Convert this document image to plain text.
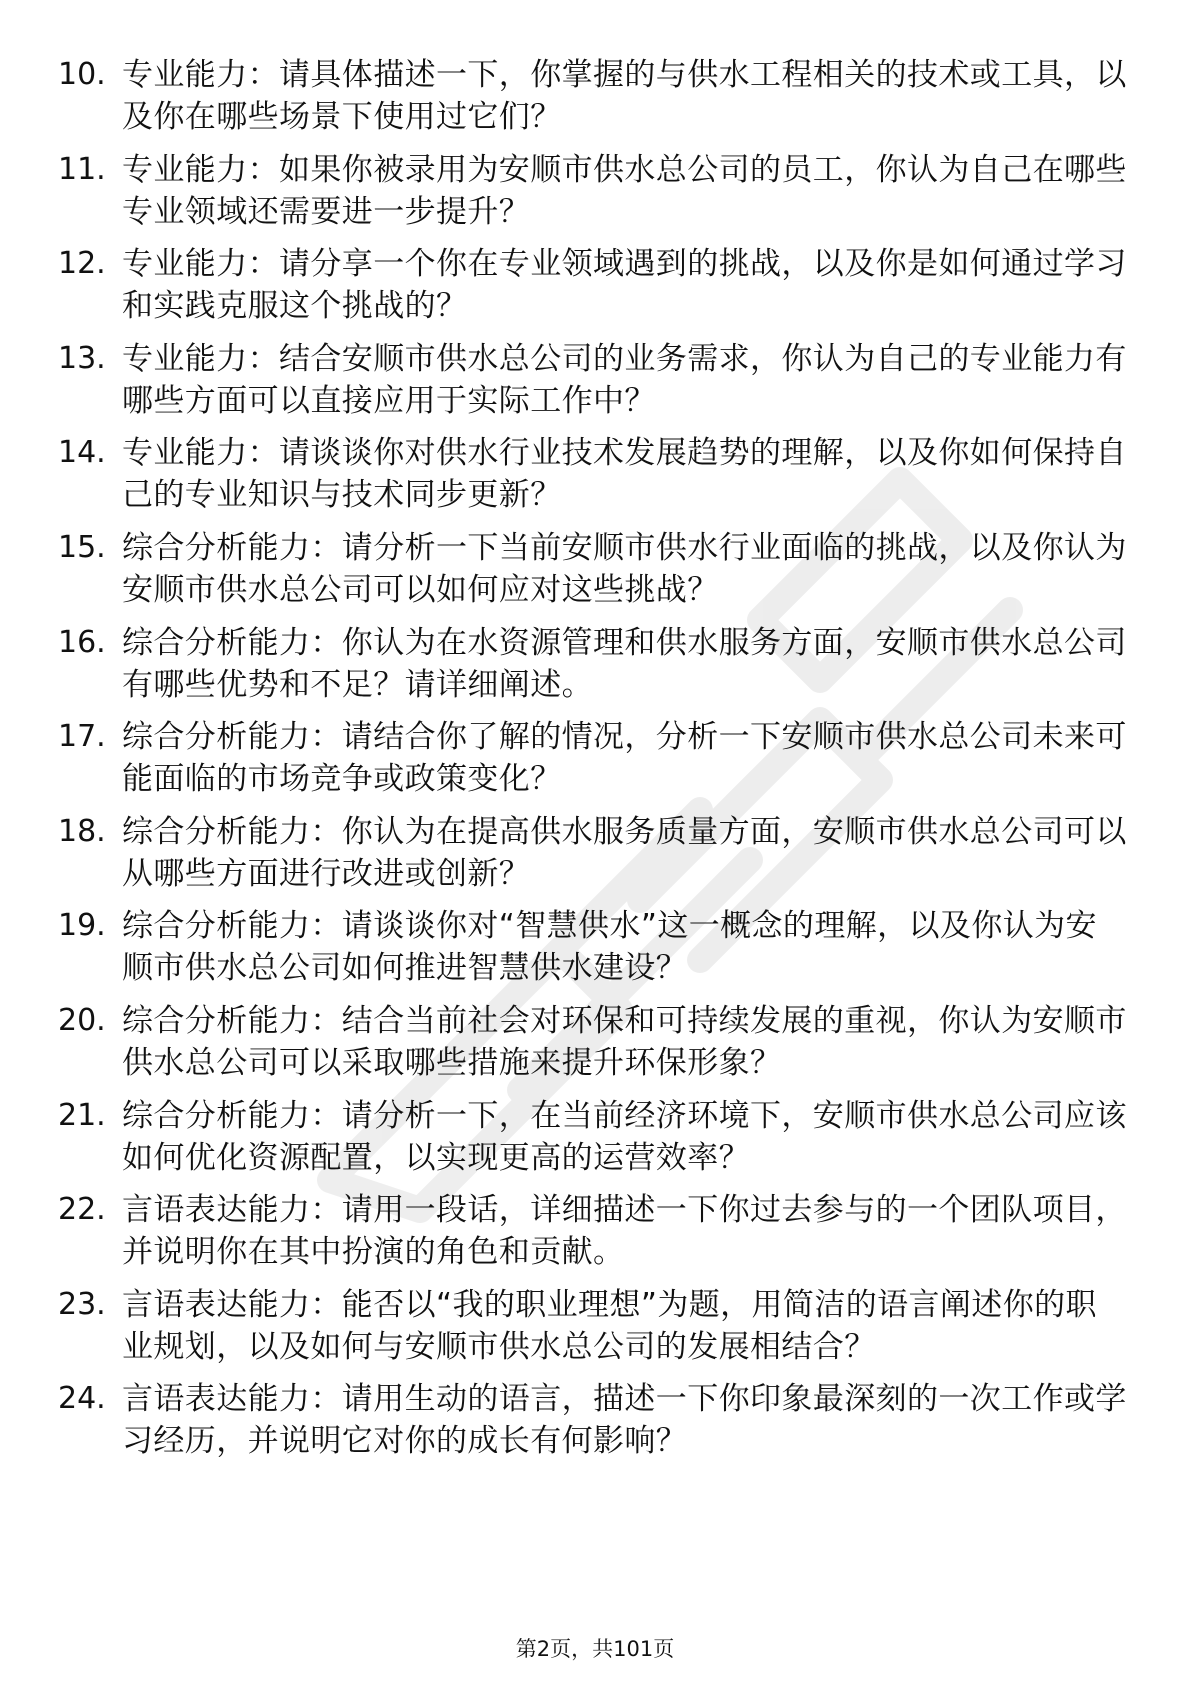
10. 专业能力：请具体描述一下，你掌握的与供水工程相关的技术或工具，以及你在哪些场景下使用过它们？
11. 专业能力：如果你被录用为安顺市供水总公司的员工，你认为自己在哪些专业领域还需要进一步提升？
12. 专业能力：请分享一个你在专业领域遇到的挑战，以及你是如何通过学习和实践克服这个挑战的？
13. 专业能力：结合安顺市供水总公司的业务需求，你认为自己的专业能力有哪些方面可以直接应用于实际工作中？
14. 专业能力：请谈谈你对供水行业技术发展趋势的理解，以及你如何保持自己的专业知识与技术同步更新？
15. 综合分析能力：请分析一下当前安顺市供水行业面临的挑战，以及你认为安顺市供水总公司可以如何应对这些挑战？
16. 综合分析能力：你认为在水资源管理和供水服务方面，安顺市供水总公司有哪些优势和不足？请详细阐述。
17. 综合分析能力：请结合你了解的情况，分析一下安顺市供水总公司未来可能面临的市场竞争或政策变化？
18. 综合分析能力：你认为在提高供水服务质量方面，安顺市供水总公司可以从哪些方面进行改进或创新？
19. 综合分析能力：请谈谈你对“智慧供水”这一概念的理解，以及你认为安顺市供水总公司如何推进智慧供水建设？
20. 综合分析能力：结合当前社会对环保和可持续发展的重视，你认为安顺市供水总公司可以采取哪些措施来提升环保形象？
21. 综合分析能力：请分析一下，在当前经济环境下，安顺市供水总公司应该如何优化资源配置，以实现更高的运营效率？
22. 言语表达能力：请用一段话，详细描述一下你过去参与的一个团队项目，并说明你在其中扮演的角色和贡献。
23. 言语表达能力：能否以“我的职业理想”为题，用简洁的语言阐述你的职业规划，以及如何与安顺市供水总公司的发展相结合？
24. 言语表达能力：请用生动的语言，描述一下你印象最深刻的一次工作或学习经历，并说明它对你的成长有何影响？
第2页，共101页
